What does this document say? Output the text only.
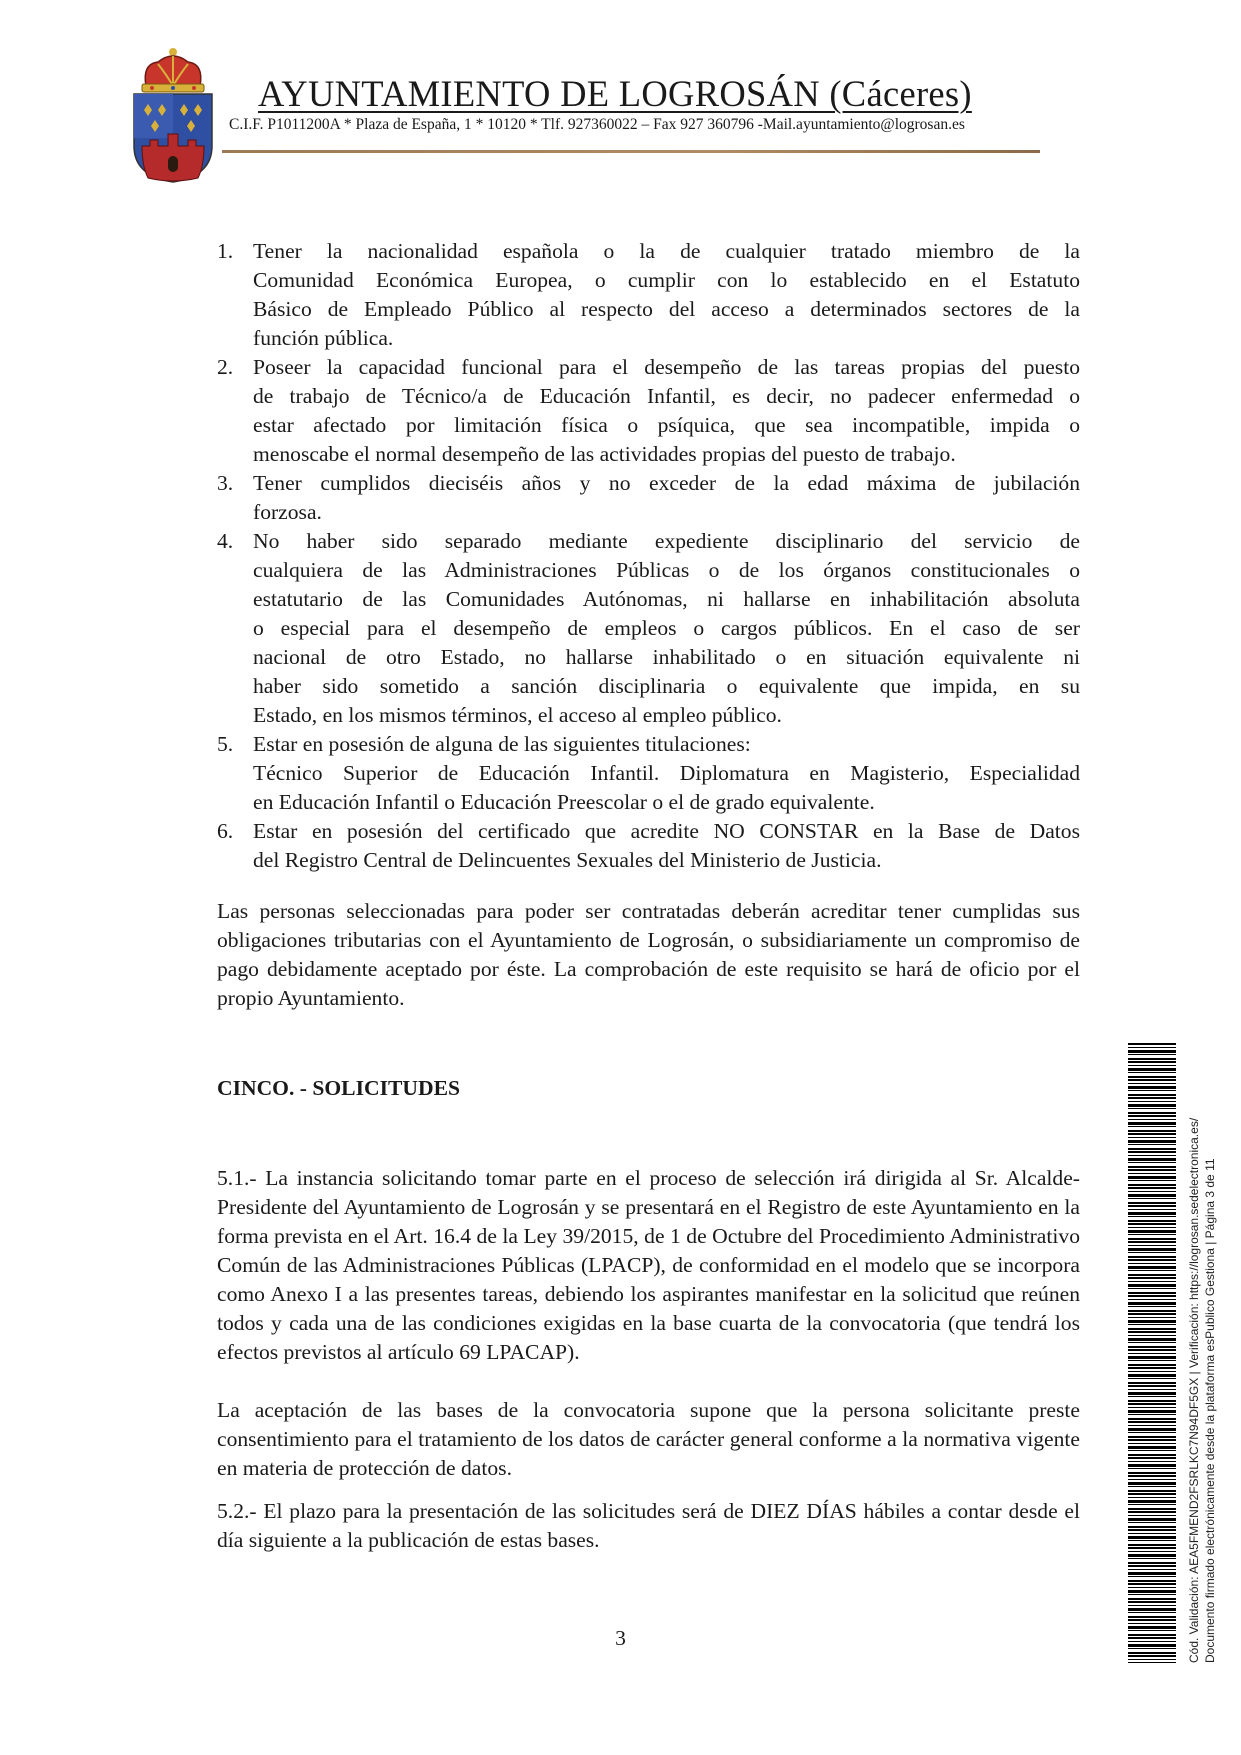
AYUNTAMIENTO DE LOGROSÁN (Cáceres)
C.I.F. P1011200A * Plaza de España, 1 * 10120 * Tlf. 927360022 – Fax 927 360796 -Mail.ayuntamiento@logrosan.es
1. Tener la nacionalidad española o la de cualquier tratado miembro de la
Comunidad Económica Europea, o cumplir con lo establecido en el Estatuto
Básico de Empleado Público al respecto del acceso a determinados sectores de la
función pública.
2. Poseer la capacidad funcional para el desempeño de las tareas propias del puesto
de trabajo de Técnico/a de Educación Infantil, es decir, no padecer enfermedad o
estar afectado por limitación física o psíquica, que sea incompatible, impida o
menoscabe el normal desempeño de las actividades propias del puesto de trabajo.
3. Tener cumplidos dieciséis años y no exceder de la edad máxima de jubilación
forzosa.
4. No haber sido separado mediante expediente disciplinario del servicio de
cualquiera de las Administraciones Públicas o de los órganos constitucionales o
estatutario de las Comunidades Autónomas, ni hallarse en inhabilitación absoluta
o especial para el desempeño de empleos o cargos públicos. En el caso de ser
nacional de otro Estado, no hallarse inhabilitado o en situación equivalente ni
haber sido sometido a sanción disciplinaria o equivalente que impida, en su
Estado, en los mismos términos, el acceso al empleo público.
5. Estar en posesión de alguna de las siguientes titulaciones:
Técnico Superior de Educación Infantil. Diplomatura en Magisterio, Especialidad
en Educación Infantil o Educación Preescolar o el de grado equivalente.
6. Estar en posesión del certificado que acredite NO CONSTAR en la Base de Datos
del Registro Central de Delincuentes Sexuales del Ministerio de Justicia.

Las personas seleccionadas para poder ser contratadas deberán acreditar tener cumplidas sus obligaciones tributarias con el Ayuntamiento de Logrosán, o subsidiariamente un compromiso de pago debidamente aceptado por éste. La comprobación de este requisito se hará de oficio por el propio Ayuntamiento.

CINCO. - SOLICITUDES

5.1.- La instancia solicitando tomar parte en el proceso de selección irá dirigida al Sr. Alcalde-Presidente del Ayuntamiento de Logrosán y se presentará en el Registro de este Ayuntamiento en la forma prevista en el Art. 16.4 de la Ley 39/2015, de 1 de Octubre del Procedimiento Administrativo Común de las Administraciones Públicas (LPACP), de conformidad en el modelo que se incorpora como Anexo I a las presentes tareas, debiendo los aspirantes manifestar en la solicitud que reúnen todos y cada una de las condiciones exigidas en la base cuarta de la convocatoria (que tendrá los efectos previstos al artículo 69 LPACAP).

La aceptación de las bases de la convocatoria supone que la persona solicitante preste consentimiento para el tratamiento de los datos de carácter general conforme a la normativa vigente en materia de protección de datos.

5.2.- El plazo para la presentación de las solicitudes será de DIEZ DÍAS hábiles a contar desde el día siguiente a la publicación de estas bases.

3	Cód. Validación: AEA5FMEND2FSRLKC7N94DF5GX | Verificación: https://logrosan.sedelectronica.es/ Documento firmado electrónicamente desde la plataforma esPublico Gestiona | Página 3 de 11
